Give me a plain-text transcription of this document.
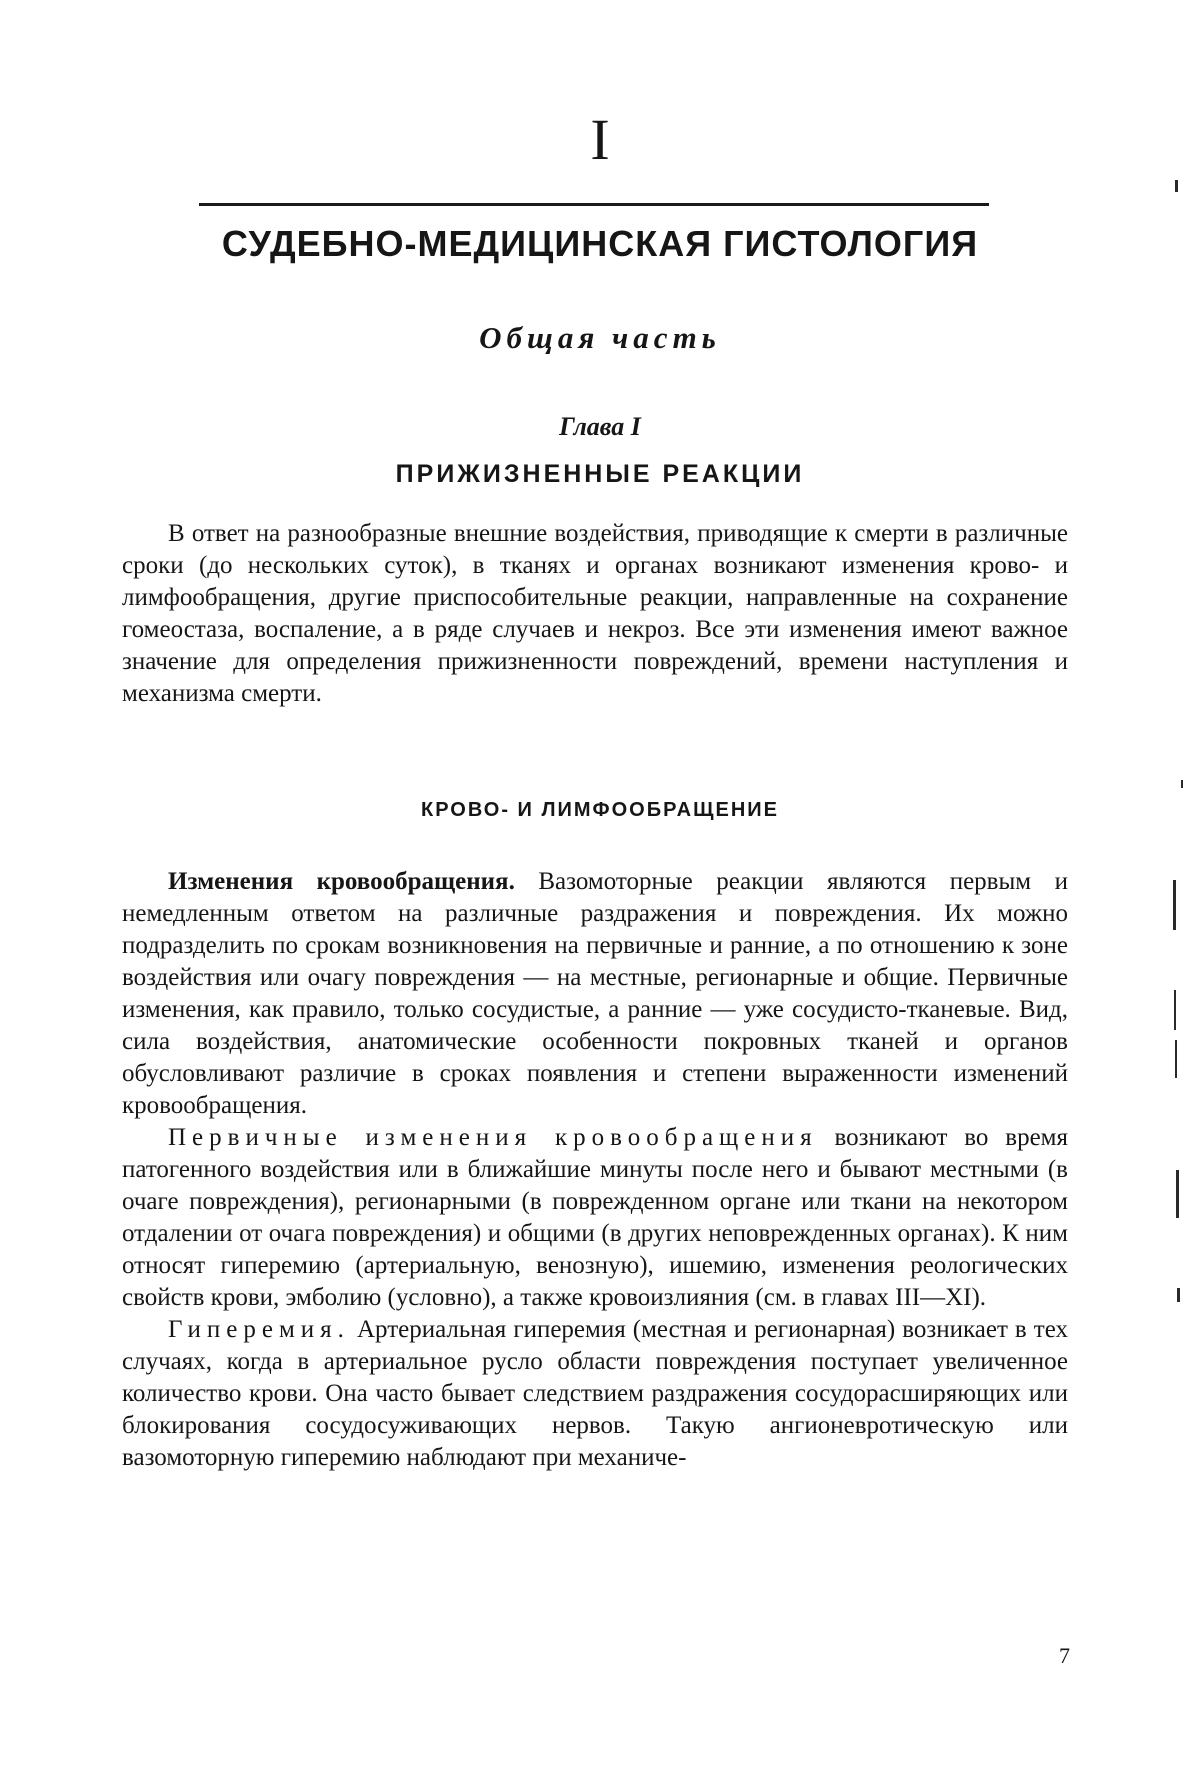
I
СУДЕБНО-МЕДИЦИНСКАЯ ГИСТОЛОГИЯ
Общая часть
Глава I
ПРИЖИЗНЕННЫЕ РЕАКЦИИ

В ответ на разнообразные внешние воздействия, приводящие к смерти в различные сроки (до нескольких суток), в тканях и органах возникают изменения крово- и лимфообращения, другие приспособительные реакции, направленные на сохранение гомеостаза, воспаление, а в ряде случаев и некроз. Все эти изменения имеют важное значение для определения прижизненности повреждений, времени наступления и механизма смерти.

КРОВО- И ЛИМФООБРАЩЕНИЕ

Изменения кровообращения. Вазомоторные реакции являются первым и немедленным ответом на различные раздражения и повреждения. Их можно подразделить по срокам возникновения на первичные и ранние, а по отношению к зоне воздействия или очагу повреждения — на местные, регионарные и общие. Первичные изменения, как правило, только сосудистые, а ранние — уже сосудисто-тканевые. Вид, сила воздействия, анатомические особенности покровных тканей и органов обусловливают различие в сроках появления и степени выраженности изменений кровообращения.

Первичные изменения кровообращения возникают во время патогенного воздействия или в ближайшие минуты после него и бывают местными (в очаге повреждения), регионарными (в поврежденном органе или ткани на некотором отдалении от очага повреждения) и общими (в других неповрежденных органах). К ним относят гиперемию (артериальную, венозную), ишемию, изменения реологических свойств крови, эмболию (условно), а также кровоизлияния (см. в главах III—XI).

Гиперемия. Артериальная гиперемия (местная и регионарная) возникает в тех случаях, когда в артериальное русло области повреждения поступает увеличенное количество крови. Она часто бывает следствием раздражения сосудорасширяющих или блокирования сосудосуживающих нервов. Такую ангионевротическую или вазомоторную гиперемию наблюдают при механиче-

7
